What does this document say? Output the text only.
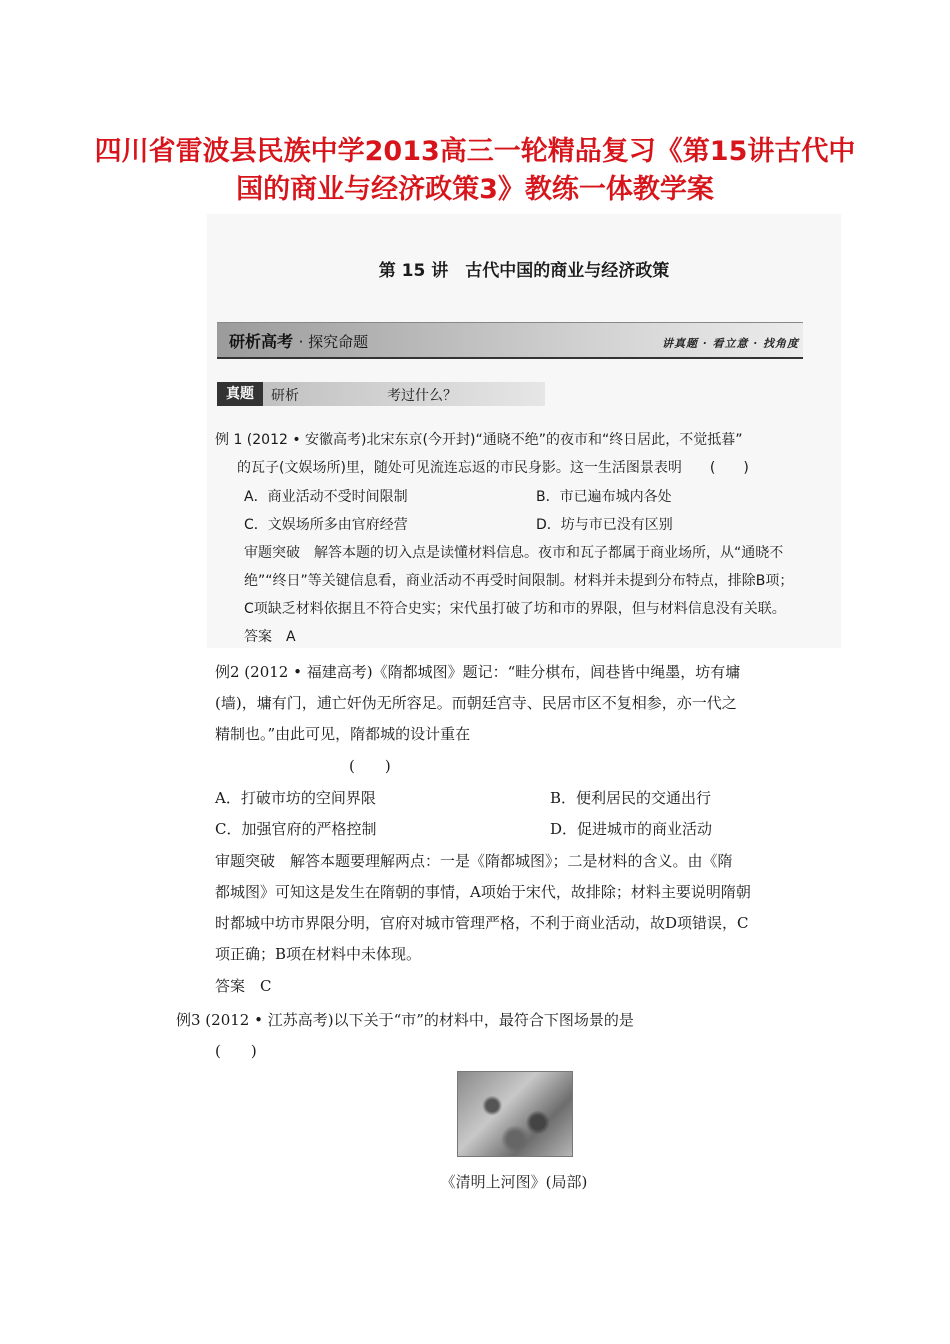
四川省雷波县民族中学2013高三一轮精品复习《第15讲古代中
国的商业与经济政策3》教练一体教学案
第 15 讲　古代中国的商业与经济政策
研析高考 · 探究命题	讲真题 · 看立意 · 找角度
真题	研析	考过什么？
例 1 (2012 • 安徽高考)北宋东京(今开封)“通晓不绝”的夜市和“终日居此，不觉抵暮”
的瓦子(文娱场所)里，随处可见流连忘返的市民身影。这一生活图景表明　　(　　)
A．商业活动不受时间限制	B．市已遍布城内各处
C．文娱场所多由官府经营	D．坊与市已没有区别
审题突破　解答本题的切入点是读懂材料信息。夜市和瓦子都属于商业场所，从“通晓不
绝”“终日”等关键信息看，商业活动不再受时间限制。材料并未提到分布特点，排除B项；
C项缺乏材料依据且不符合史实；宋代虽打破了坊和市的界限，但与材料信息没有关联。
答案　A
例2 (2012 • 福建高考)《隋都城图》题记：“畦分棋布，闾巷皆中绳墨，坊有墉
(墙)，墉有门，逋亡奸伪无所容足。而朝廷宫寺、民居市区不复相参，亦一代之
精制也。”由此可见，隋都城的设计重在
(　　)
A．打破市坊的空间界限	B．便利居民的交通出行
C．加强官府的严格控制	D．促进城市的商业活动
审题突破　解答本题要理解两点：一是《隋都城图》；二是材料的含义。由《隋
都城图》可知这是发生在隋朝的事情，A项始于宋代，故排除；材料主要说明隋朝
时都城中坊市界限分明，官府对城市管理严格，不利于商业活动，故D项错误，C
项正确；B项在材料中未体现。
答案　C
例3 (2012 • 江苏高考)以下关于“市”的材料中，最符合下图场景的是
(　　)
《清明上河图》(局部)
